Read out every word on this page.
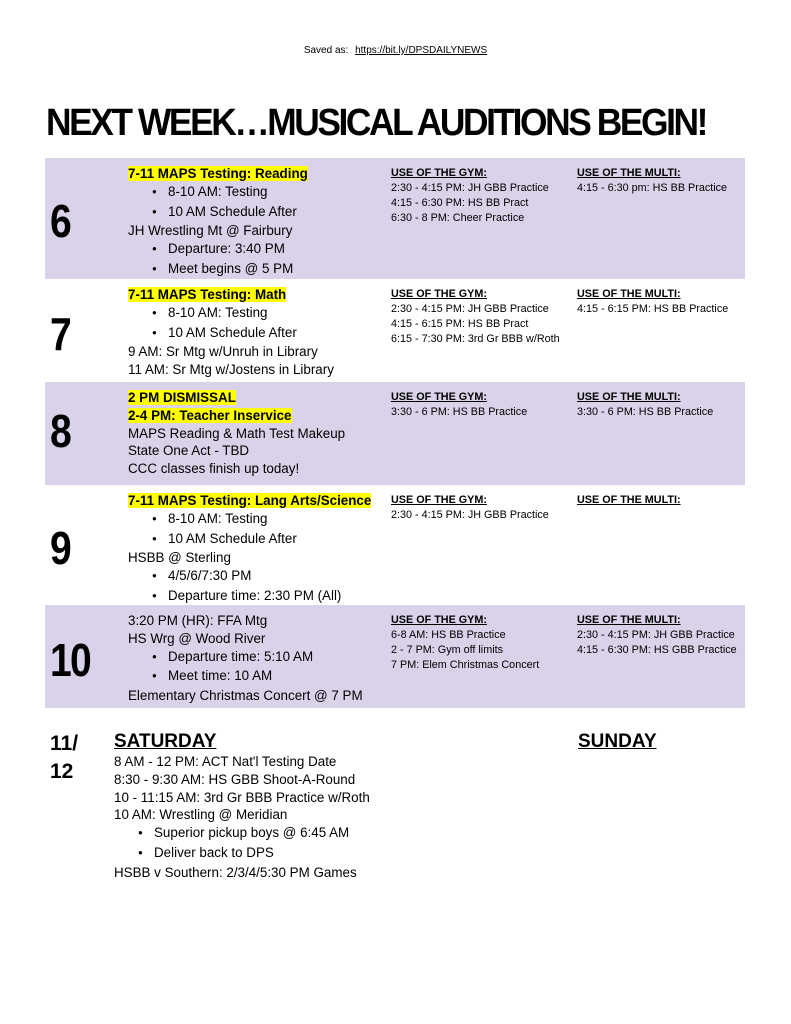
Saved as: https://bit.ly/DPSDAILYNEWS
NEXT WEEK…MUSICAL AUDITIONS BEGIN!
6
7-11 MAPS Testing: Reading
● 8-10 AM: Testing
● 10 AM Schedule After
JH Wrestling Mt @ Fairbury
● Departure: 3:40 PM
● Meet begins @ 5 PM
USE OF THE GYM:
2:30 - 4:15 PM: JH GBB Practice
4:15 - 6:30 PM: HS BB Pract
6:30 - 8 PM: Cheer Practice
USE OF THE MULTI:
4:15 - 6:30 pm: HS BB Practice
7
7-11 MAPS Testing: Math
● 8-10 AM: Testing
● 10 AM Schedule After
9 AM: Sr Mtg w/Unruh in Library
11 AM: Sr Mtg w/Jostens in Library
USE OF THE GYM:
2:30 - 4:15 PM: JH GBB Practice
4:15 - 6:15 PM: HS BB Pract
6:15 - 7:30 PM: 3rd Gr BBB w/Roth
USE OF THE MULTI:
4:15 - 6:15 PM: HS BB Practice
8
2 PM DISMISSAL
2-4 PM: Teacher Inservice
MAPS Reading & Math Test Makeup
State One Act - TBD
CCC classes finish up today!
USE OF THE GYM:
3:30 - 6 PM: HS BB Practice
USE OF THE MULTI:
3:30 - 6 PM: HS BB Practice
9
7-11 MAPS Testing: Lang Arts/Science
● 8-10 AM: Testing
● 10 AM Schedule After
HSBB @ Sterling
● 4/5/6/7:30 PM
● Departure time: 2:30 PM (All)
USE OF THE GYM:
2:30 - 4:15 PM: JH GBB Practice
USE OF THE MULTI:
10
3:20 PM (HR): FFA Mtg
HS Wrg @ Wood River
● Departure time: 5:10 AM
● Meet time: 10 AM
Elementary Christmas Concert @ 7 PM
USE OF THE GYM:
6-8 AM: HS BB Practice
2 - 7 PM: Gym off limits
7 PM: Elem Christmas Concert
USE OF THE MULTI:
2:30 - 4:15 PM: JH GBB Practice
4:15 - 6:30 PM: HS GBB Practice
11/
12
SATURDAY	SUNDAY
8 AM - 12 PM: ACT Nat'l Testing Date
8:30 - 9:30 AM: HS GBB Shoot-A-Round
10 - 11:15 AM: 3rd Gr BBB Practice w/Roth
10 AM: Wrestling @ Meridian
● Superior pickup boys @ 6:45 AM
● Deliver back to DPS
HSBB v Southern: 2/3/4/5:30 PM Games
